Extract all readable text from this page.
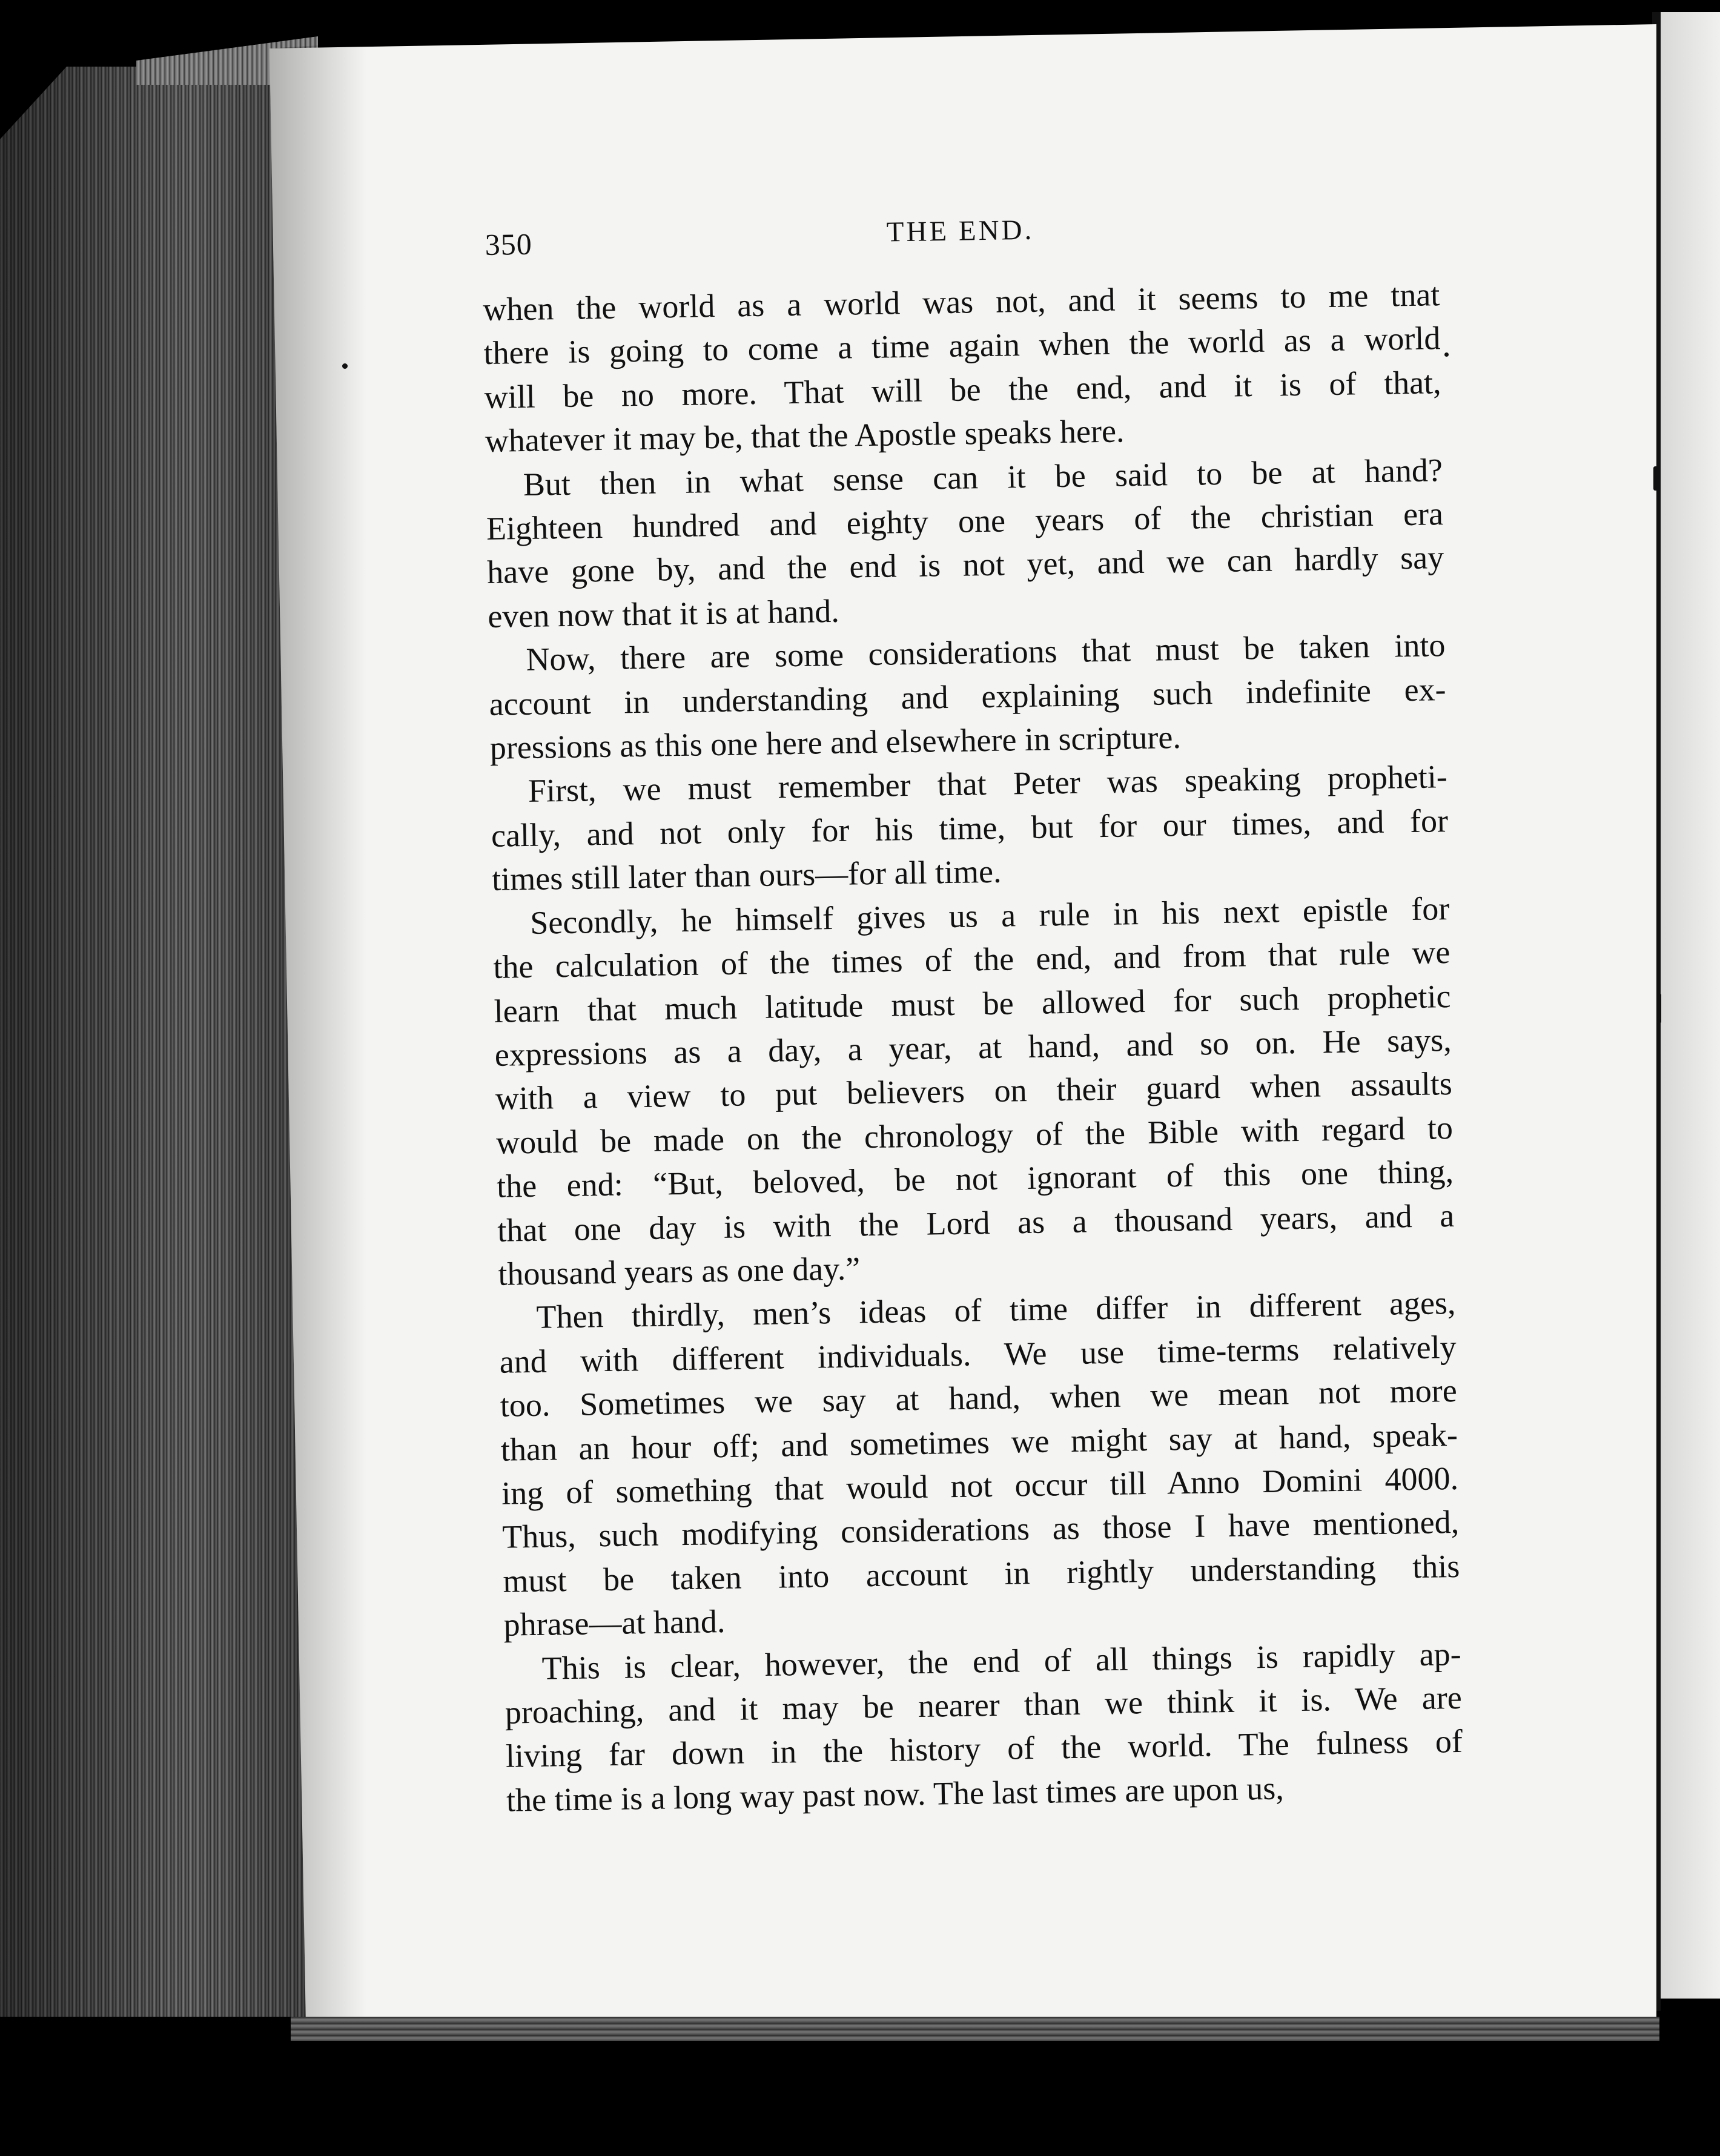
350	THE END.
when the world as a world was not, and it seems to me tnat
there is going to come a time again when the world as a world
will be no more. That will be the end, and it is of that,
whatever it may be, that the Apostle speaks here.
But then in what sense can it be said to be at hand?
Eighteen hundred and eighty one years of the christian era
have gone by, and the end is not yet, and we can hardly say
even now that it is at hand.
Now, there are some considerations that must be taken into
account in understanding and explaining such indefinite ex-
pressions as this one here and elsewhere in scripture.
First, we must remember that Peter was speaking propheti-
cally, and not only for his time, but for our times, and for
times still later than ours—for all time.
Secondly, he himself gives us a rule in his next epistle for
the calculation of the times of the end, and from that rule we
learn that much latitude must be allowed for such prophetic
expressions as a day, a year, at hand, and so on. He says,
with a view to put believers on their guard when assaults
would be made on the chronology of the Bible with regard to
the end: “But, beloved, be not ignorant of this one thing,
that one day is with the Lord as a thousand years, and a
thousand years as one day.”
Then thirdly, men’s ideas of time differ in different ages,
and with different individuals. We use time-terms relatively
too. Sometimes we say at hand, when we mean not more
than an hour off; and sometimes we might say at hand, speak-
ing of something that would not occur till Anno Domini 4000.
Thus, such modifying considerations as those I have mentioned,
must be taken into account in rightly understanding this
phrase—at hand.
This is clear, however, the end of all things is rapidly ap-
proaching, and it may be nearer than we think it is. We are
living far down in the history of the world. The fulness of
the time is a long way past now. The last times are upon us,
